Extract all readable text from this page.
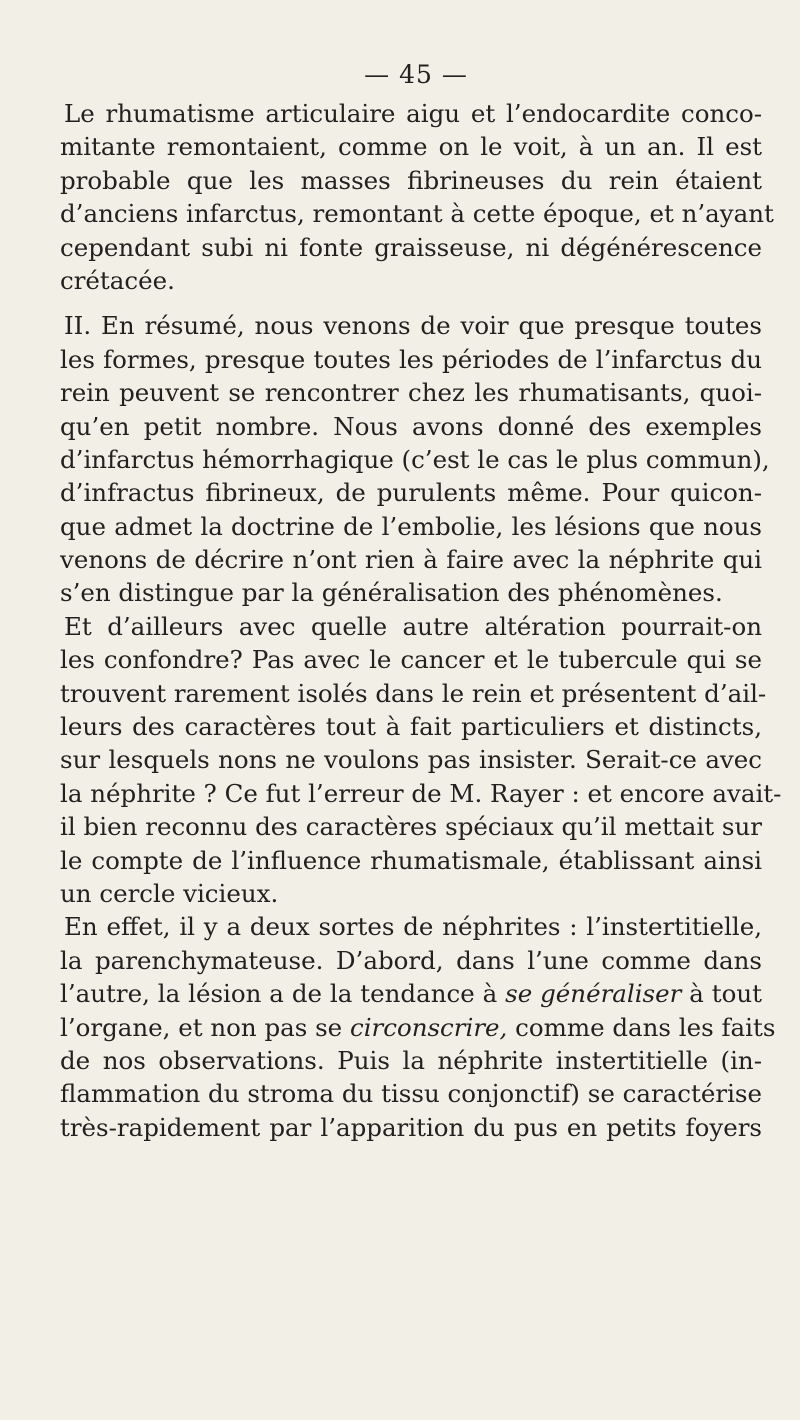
— 45 —
Le rhumatisme articulaire aigu et l’endocardite conco-
mitante remontaient, comme on le voit, à un an. Il est
probable que les masses fibrineuses du rein étaient
d’anciens infarctus, remontant à cette époque, et n’ayant
cependant subi ni fonte graisseuse, ni dégénérescence
crétacée.
II. En résumé, nous venons de voir que presque toutes
les formes, presque toutes les périodes de l’infarctus du
rein peuvent se rencontrer chez les rhumatisants, quoi-
qu’en petit nombre. Nous avons donné des exemples
d’infarctus hémorrhagique (c’est le cas le plus commun),
d’infractus fibrineux, de purulents même. Pour quicon-
que admet la doctrine de l’embolie, les lésions que nous
venons de décrire n’ont rien à faire avec la néphrite qui
s’en distingue par la généralisation des phénomènes.
Et d’ailleurs avec quelle autre altération pourrait-on
les confondre? Pas avec le cancer et le tubercule qui se
trouvent rarement isolés dans le rein et présentent d’ail-
leurs des caractères tout à fait particuliers et distincts,
sur lesquels nons ne voulons pas insister. Serait-ce avec
la néphrite ? Ce fut l’erreur de M. Rayer : et encore avait-
il bien reconnu des caractères spéciaux qu’il mettait sur
le compte de l’influence rhumatismale, établissant ainsi
un cercle vicieux.
En effet, il y a deux sortes de néphrites : l’instertitielle,
la parenchymateuse. D’abord, dans l’une comme dans
l’autre, la lésion a de la tendance à se généraliser à tout
l’organe, et non pas se circonscrire, comme dans les faits
de nos observations. Puis la néphrite instertitielle (in-
flammation du stroma du tissu conjonctif) se caractérise
très-rapidement par l’apparition du pus en petits foyers
